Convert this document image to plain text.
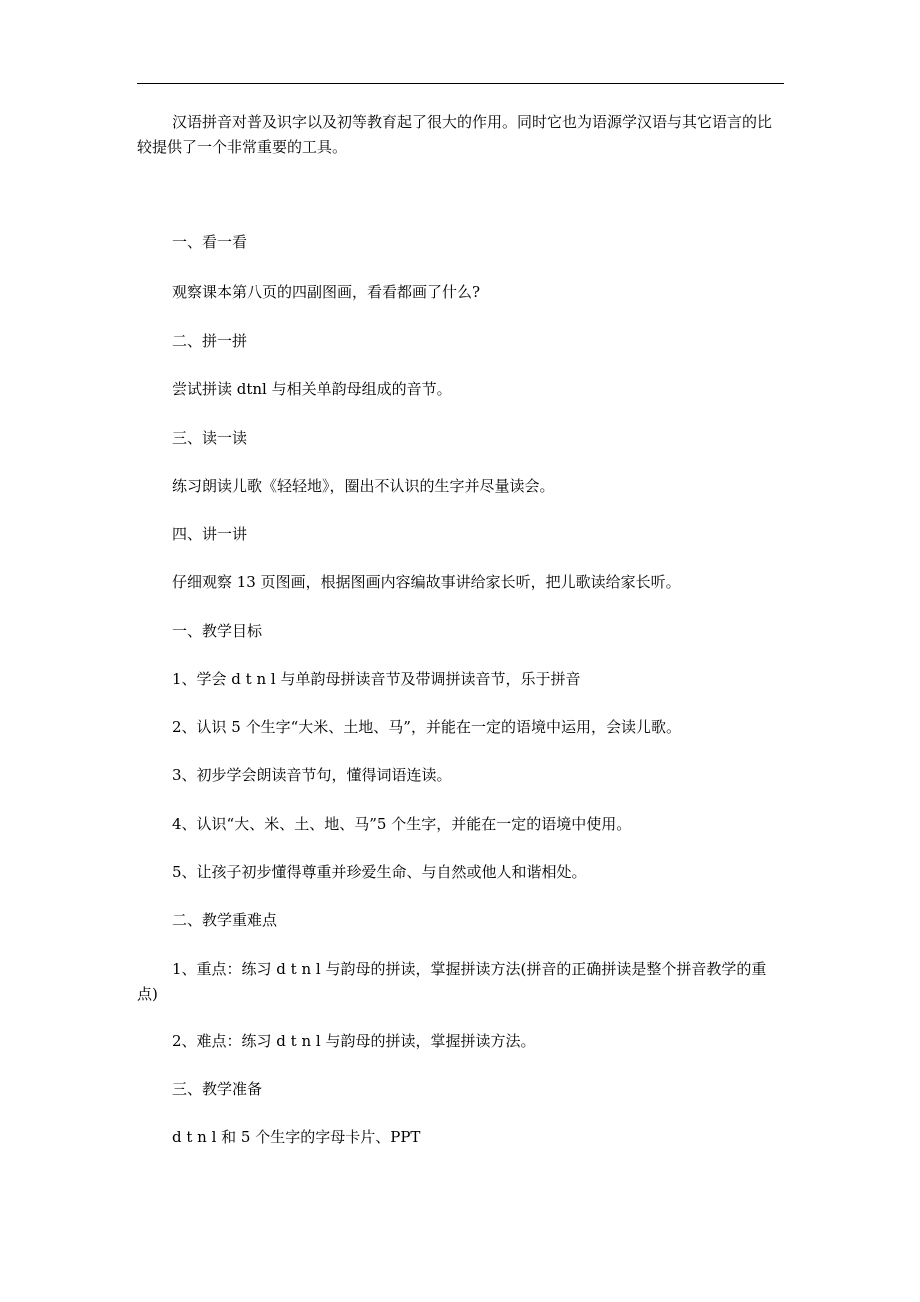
汉语拼音对普及识字以及初等教育起了很大的作用。同时它也为语源学汉语与其它语言的比较提供了一个非常重要的工具。
一、看一看
观察课本第八页的四副图画，看看都画了什么?
二、拼一拼
尝试拼读 dtnl 与相关单韵母组成的音节。
三、读一读
练习朗读儿歌《轻轻地》，圈出不认识的生字并尽量读会。
四、讲一讲
仔细观察 13 页图画，根据图画内容编故事讲给家长听，把儿歌读给家长听。
一、教学目标
1、学会 d t n l 与单韵母拼读音节及带调拼读音节，乐于拼音
2、认识 5 个生字“大米、土地、马”，并能在一定的语境中运用，会读儿歌。
3、初步学会朗读音节句，懂得词语连读。
4、认识“大、米、土、地、马”5 个生字，并能在一定的语境中使用。
5、让孩子初步懂得尊重并珍爱生命、与自然或他人和谐相处。
二、教学重难点
1、重点：练习 d t n l 与韵母的拼读，掌握拼读方法(拼音的正确拼读是整个拼音教学的重点)
2、难点：练习 d t n l 与韵母的拼读，掌握拼读方法。
三、教学准备
d t n l 和 5 个生字的字母卡片、PPT
